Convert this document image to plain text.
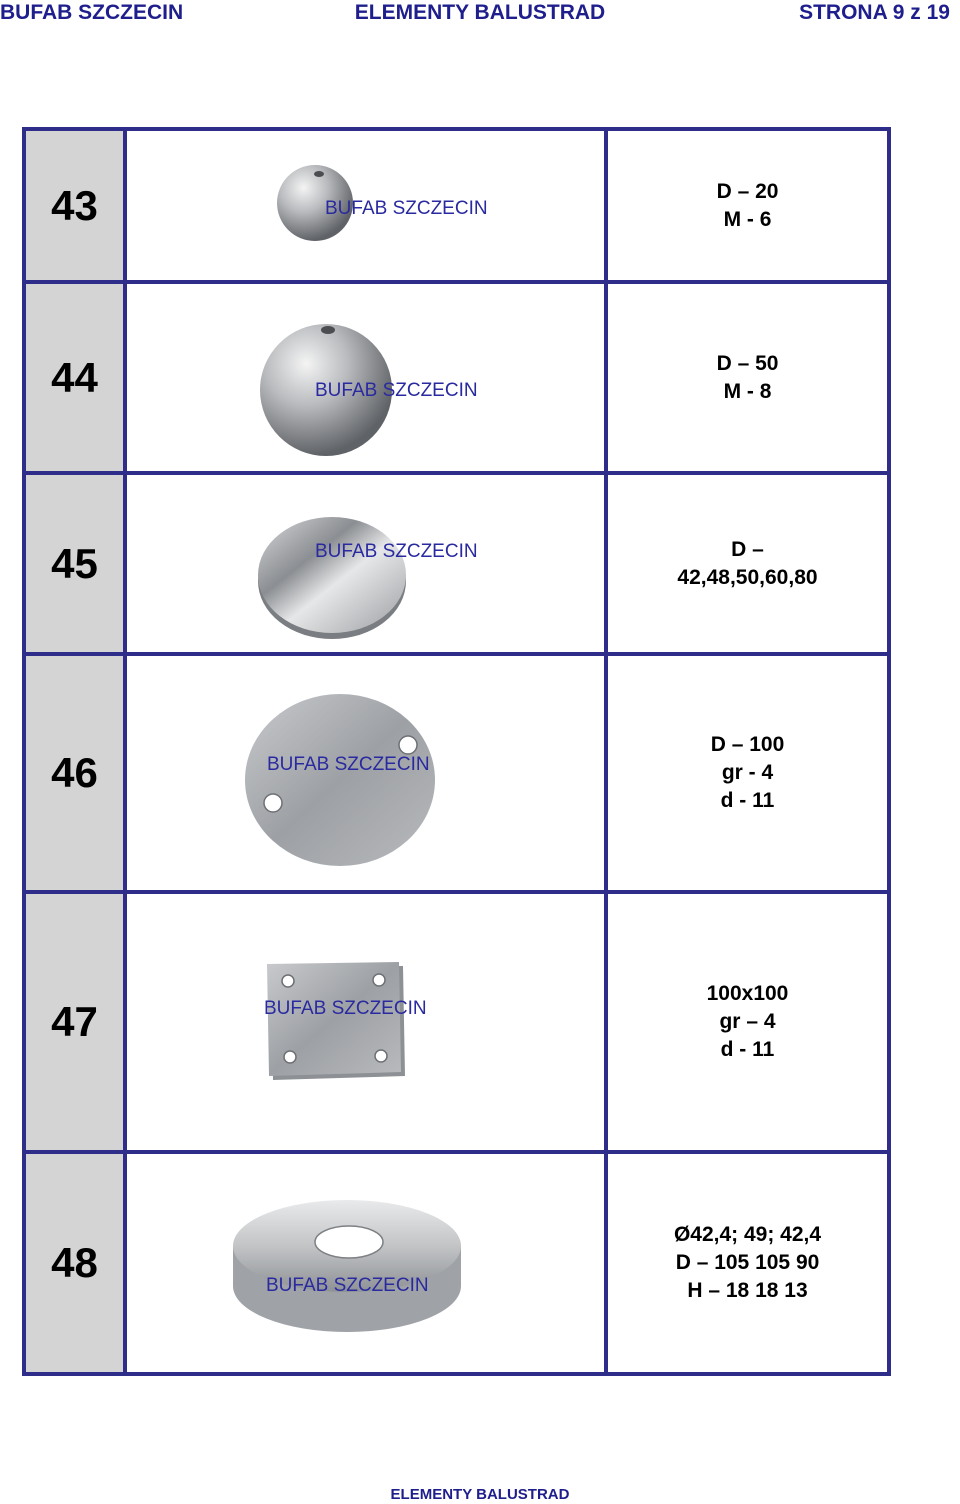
BUFAB SZCZECIN	ELEMENTY BALUSTRAD	STRONA 9 z 19
43	BUFAB SZCZECIN
D – 20
M - 6
44	BUFAB SZCZECIN
D – 50
M - 8
45	BUFAB SZCZECIN	D –
42,48,50,60,80
46	BUFAB SZCZECIN
D – 100
gr - 4
d - 11
47	BUFAB SZCZECIN
100x100
gr – 4
d - 11
48	BUFAB SZCZECIN
Ø42,4; 49; 42,4
D – 105 105 90
H – 18 18 13
ELEMENTY BALUSTRAD
